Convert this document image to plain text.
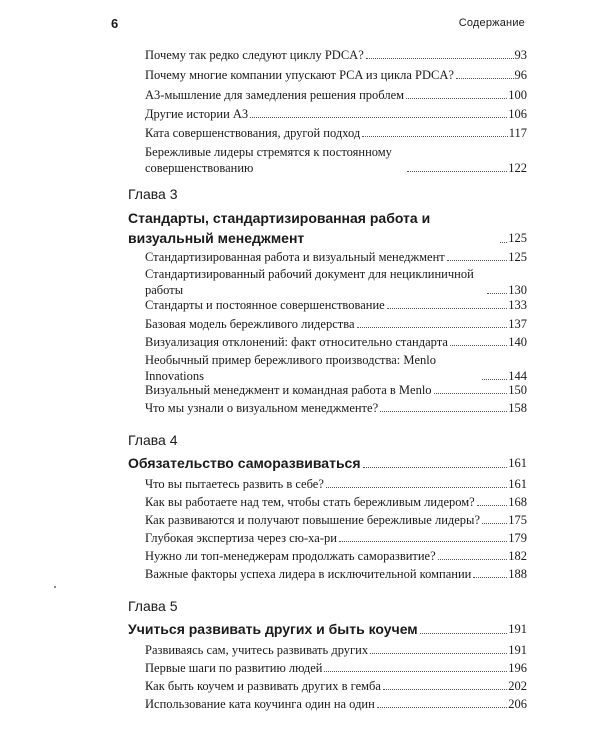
6	Содержание
Почему так редко следуют циклу PDCA?	93
Почему многие компании упускают PCA из цикла PDCA?	96
А3-мышление для замедления решения проблем	100
Другие истории А3	106
Ката совершенствования, другой подход	117
Бережливые лидеры стремятся к постоянному совершенствованию	122
Глава 3
Стандарты, стандартизированная работа и визуальный менеджмент	125
Стандартизированная работа и визуальный менеджмент	125
Стандартизированный рабочий документ для нециклиничной работы	130
Стандарты и постоянное совершенствование	133
Базовая модель бережливого лидерства	137
Визуализация отклонений: факт относительно стандарта	140
Необычный пример бережливого производства: Menlo Innovations	144
Визуальный менеджмент и командная работа в Menlo	150
Что мы узнали о визуальном менеджменте?	158
Глава 4
Обязательство саморазвиваться	161
Что вы пытаетесь развить в себе?	161
Как вы работаете над тем, чтобы стать бережливым лидером?	168
Как развиваются и получают повышение бережливые лидеры? 175
Глубокая экспертиза через сю-ха-ри	179
Нужно ли топ-менеджерам продолжать саморазвитие?	182
Важные факторы успеха лидера в исключительной компании	188
Глава 5
Учиться развивать других и быть коучем	191
Развиваясь сам, учитесь развивать других	191
Первые шаги по развитию людей	196
Как быть коучем и развивать других в гемба	202
Использование ката коучинга один на один	206
